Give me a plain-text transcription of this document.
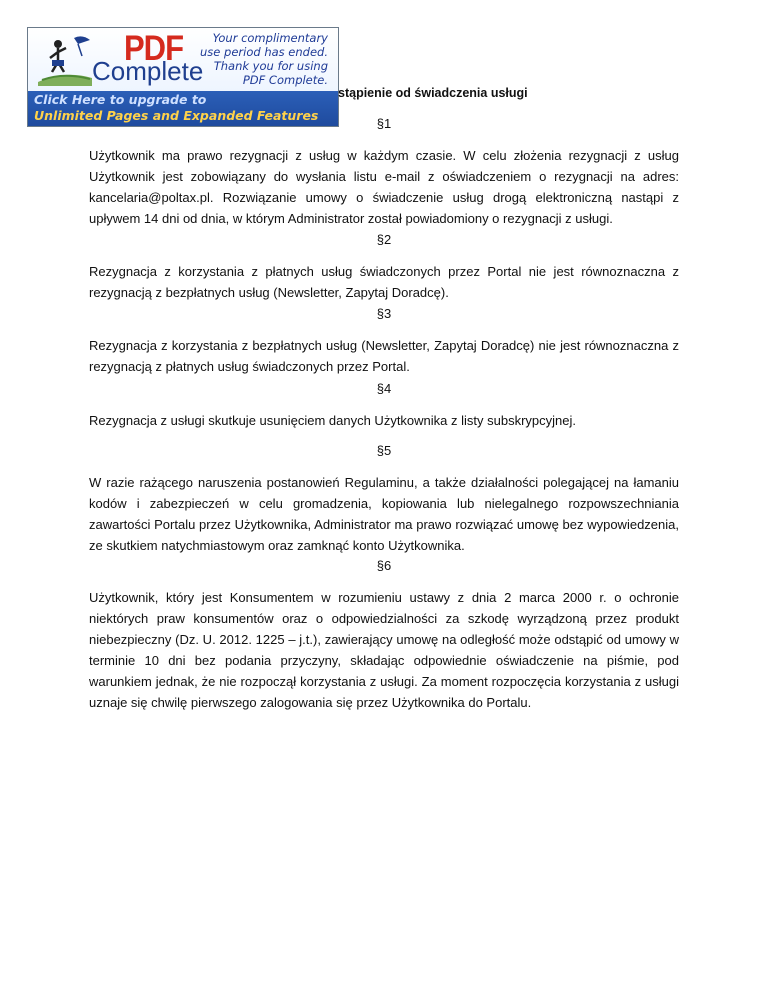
PDF
Complete
Your complimentary
use period has ended.
Thank you for using
PDF Complete.
Click Here to upgrade to
Unlimited Pages and Expanded Features
stąpienie od świadczenia usługi
§1

Użytkownik ma prawo rezygnacji z usług w każdym czasie. W celu złożenia rezygnacji z usług Użytkownik jest zobowiązany do wysłania listu e-mail z oświadczeniem o rezygnacji na adres: kancelaria@poltax.pl. Rozwiązanie umowy o świadczenie usług drogą elektroniczną nastąpi z upływem 14 dni od dnia, w którym Administrator został powiadomiony o rezygnacji z usługi.

§2

Rezygnacja z korzystania z płatnych usług świadczonych przez Portal nie jest równoznaczna z rezygnacją z bezpłatnych usług (Newsletter, Zapytaj Doradcę).

§3

Rezygnacja z korzystania z bezpłatnych usług (Newsletter, Zapytaj Doradcę) nie jest równoznaczna z rezygnacją z płatnych usług świadczonych przez Portal.

§4

Rezygnacja z usługi skutkuje usunięciem danych Użytkownika z listy subskrypcyjnej.

§5

W razie rażącego naruszenia postanowień Regulaminu, a także działalności polegającej na łamaniu kodów i zabezpieczeń w celu gromadzenia, kopiowania lub nielegalnego rozpowszechniania zawartości Portalu przez Użytkownika, Administrator ma prawo rozwiązać umowę bez wypowiedzenia, ze skutkiem natychmiastowym oraz zamknąć konto Użytkownika.

§6

Użytkownik, który jest Konsumentem w rozumieniu ustawy z dnia 2 marca 2000 r. o ochronie niektórych praw konsumentów oraz o odpowiedzialności za szkodę wyrządzoną przez produkt niebezpieczny (Dz. U. 2012. 1225 – j.t.), zawierający umowę na odległość może odstąpić od umowy w terminie 10 dni bez podania przyczyny, składając odpowiednie oświadczenie na piśmie, pod warunkiem jednak, że nie rozpoczął korzystania z usługi. Za moment rozpoczęcia korzystania z usługi uznaje się chwilę pierwszego zalogowania się przez Użytkownika do Portalu.
